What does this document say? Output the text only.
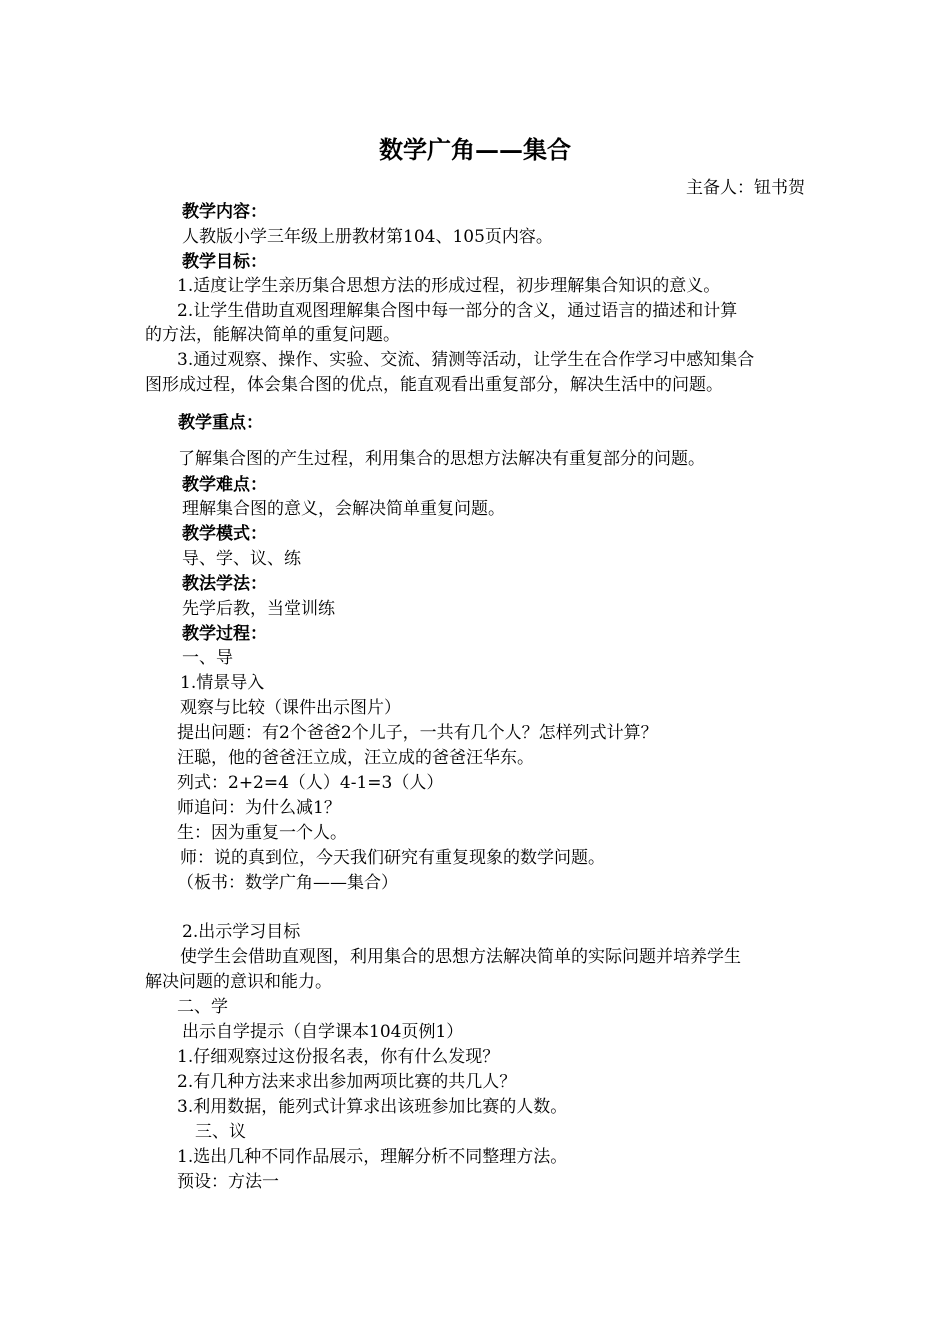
数学广角——集合
主备人：钮书贺
教学内容：
人教版小学三年级上册教材第104、105页内容。
教学目标：
1.适度让学生亲历集合思想方法的形成过程，初步理解集合知识的意义。
2.让学生借助直观图理解集合图中每一部分的含义，通过语言的描述和计算
的方法，能解决简单的重复问题。
3.通过观察、操作、实验、交流、猜测等活动，让学生在合作学习中感知集合
图形成过程，体会集合图的优点，能直观看出重复部分，解决生活中的问题。
教学重点：
了解集合图的产生过程，利用集合的思想方法解决有重复部分的问题。
教学难点：
理解集合图的意义，会解决简单重复问题。
教学模式：
导、学、议、练
教法学法：
先学后教，当堂训练
教学过程：
一、导
1.情景导入
观察与比较（课件出示图片）
提出问题：有2个爸爸2个儿子，一共有几个人？怎样列式计算？
汪聪，他的爸爸汪立成，汪立成的爸爸汪华东。
列式：2+2=4（人）4-1=3（人）
师追问：为什么减1？
生：因为重复一个人。
师：说的真到位，今天我们研究有重复现象的数学问题。
（板书：数学广角——集合）
2.出示学习目标
使学生会借助直观图，利用集合的思想方法解决简单的实际问题并培养学生
解决问题的意识和能力。
二、学
出示自学提示（自学课本104页例1）
1.仔细观察过这份报名表，你有什么发现？
2.有几种方法来求出参加两项比赛的共几人？
3.利用数据，能列式计算求出该班参加比赛的人数。
三、议
1.选出几种不同作品展示，理解分析不同整理方法。
预设：方法一
